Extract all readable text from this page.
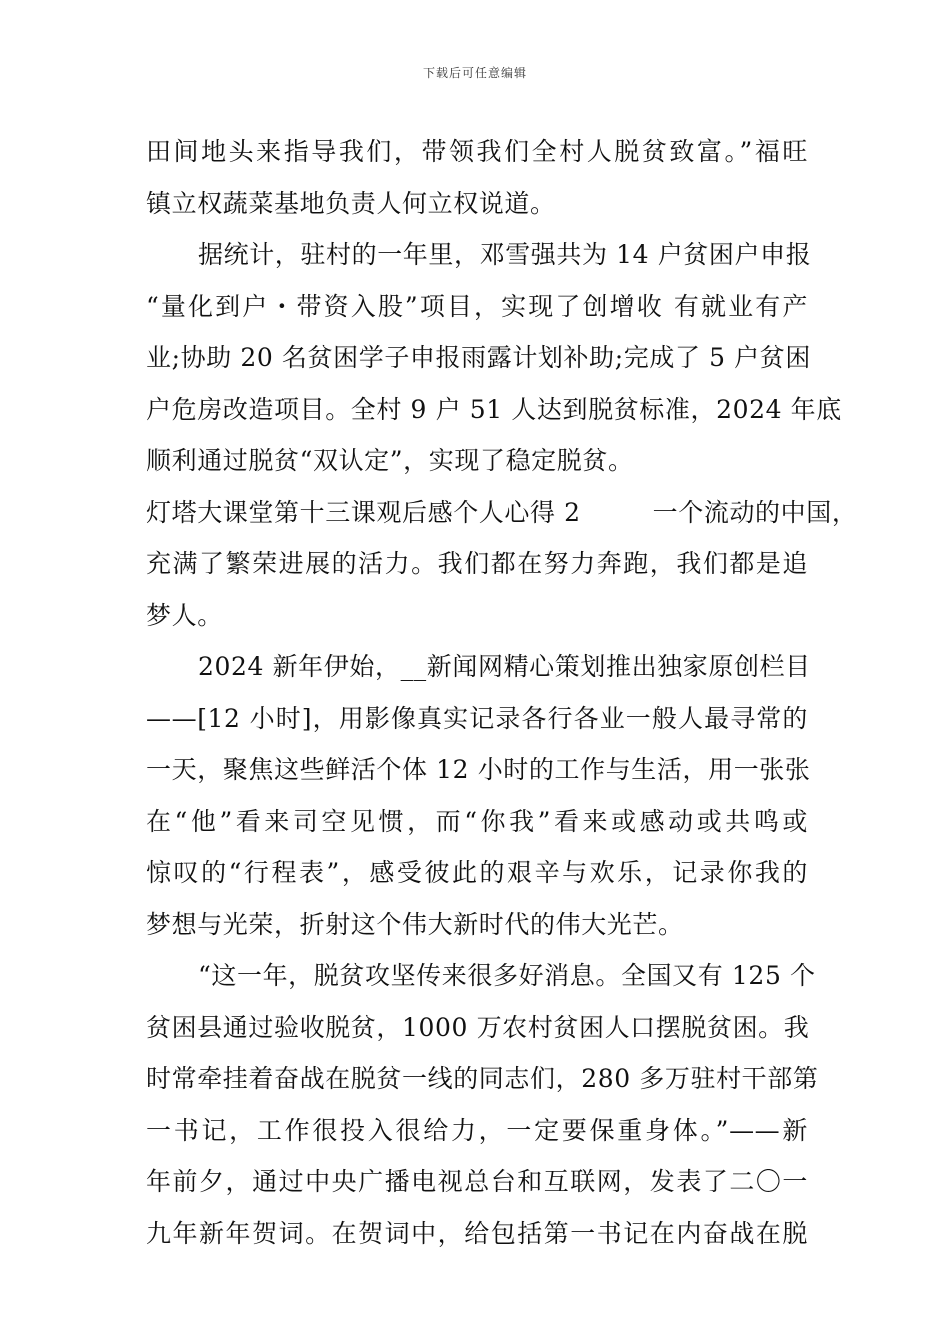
下载后可任意编辑
田间地头来指导我们，带领我们全村人脱贫致富。”福旺
镇立权蔬菜基地负责人何立权说道。
据统计，驻村的一年里，邓雪强共为 14 户贫困户申报
“量化到户・带资入股”项目，实现了创增收 有就业有产
业;协助 20 名贫困学子申报雨露计划补助;完成了 5 户贫困
户危房改造项目。全村 9 户 51 人达到脱贫标准，2024 年底
顺利通过脱贫“双认定”，实现了稳定脱贫。
灯塔大课堂第十三课观后感个人心得 2	一个流动的中国，
充满了繁荣进展的活力。我们都在努力奔跑，我们都是追
梦人。
2024 新年伊始，__新闻网精心策划推出独家原创栏目
——[12 小时]，用影像真实记录各行各业一般人最寻常的
一天，聚焦这些鲜活个体 12 小时的工作与生活，用一张张
在“他”看来司空见惯，而“你我”看来或感动或共鸣或
惊叹的“行程表”，感受彼此的艰辛与欢乐，记录你我的
梦想与光荣，折射这个伟大新时代的伟大光芒。
“这一年，脱贫攻坚传来很多好消息。全国又有 125 个
贫困县通过验收脱贫，1000 万农村贫困人口摆脱贫困。我
时常牵挂着奋战在脱贫一线的同志们，280 多万驻村干部第
一书记，工作很投入很给力，一定要保重身体。”——新
年前夕，通过中央广播电视总台和互联网，发表了二〇一
九年新年贺词。在贺词中，给包括第一书记在内奋战在脱
